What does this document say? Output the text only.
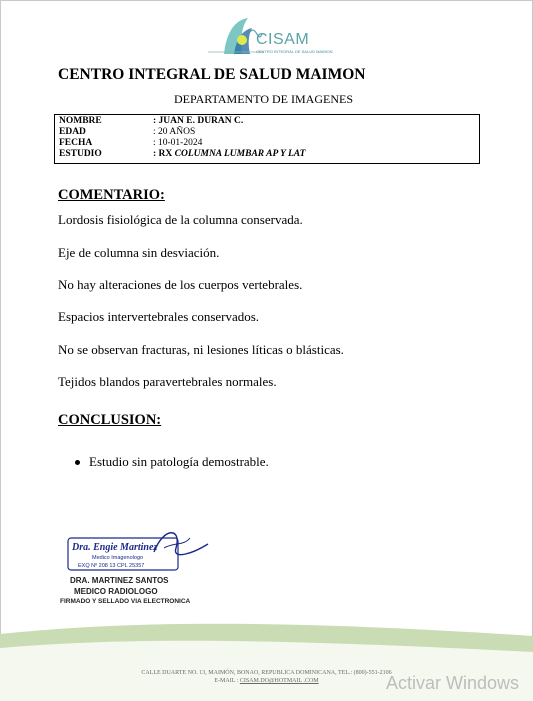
CISAM
CENTRO INTEGRAL DE SALUD MAIMON
CENTRO INTEGRAL DE SALUD MAIMON
DEPARTAMENTO DE IMAGENES
NOMBRE	: JUAN E. DURAN C.
EDAD	: 20 AÑOS
FECHA	: 10-01-2024
ESTUDIO	: RX COLUMNA LUMBAR AP Y LAT
COMENTARIO:
Lordosis fisiológica de la columna conservada.
Eje de columna sin desviación.
No hay alteraciones de los cuerpos vertebrales.
Espacios intervertebrales conservados.
No se observan fracturas, ni lesiones líticas o blásticas.
Tejidos blandos paravertebrales normales.
CONCLUSION:
Estudio sin patología demostrable.
Dra. Engie Martinez
Medico Imagenologo
EXQ Nº 208 13 CPL 25357
DRA. MARTINEZ SANTOS
MEDICO RADIOLOGO
FIRMADO Y SELLADO VIA ELECTRONICA
CALLE DUARTE NO. 13, MAIMÓN, BONAO, REPUBLICA DOMINICANA, TEL.: (800)-551-2106
E-MAIL : CISAM.DO@HOTMAIL .COM	Activar Windows
